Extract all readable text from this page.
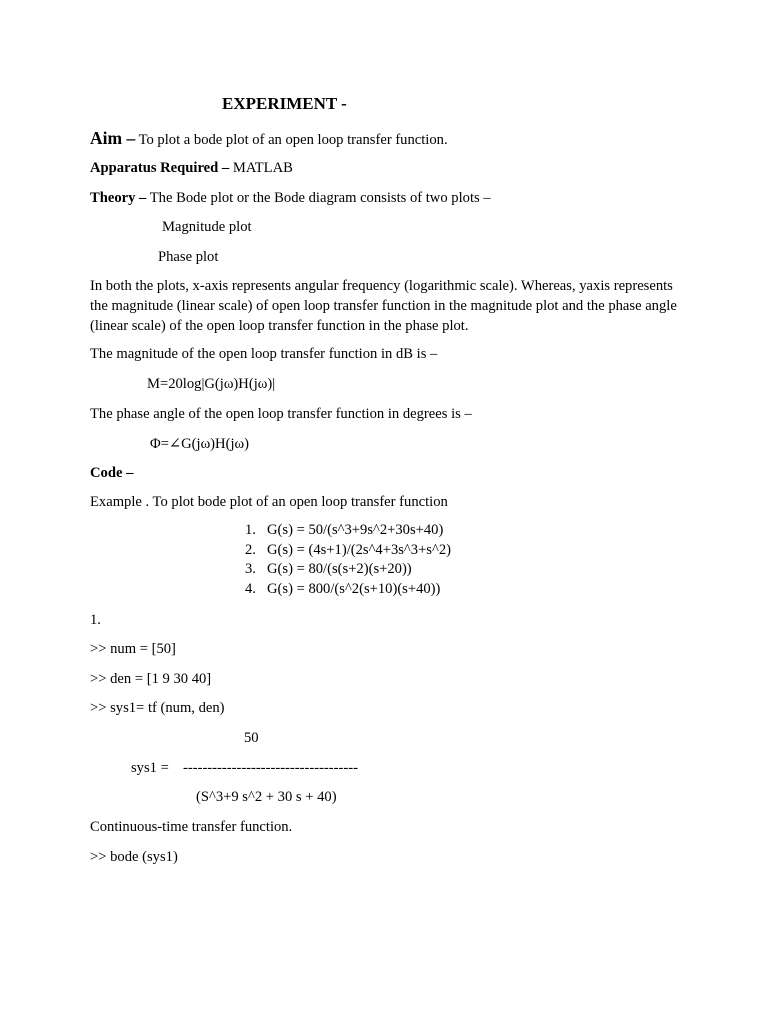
EXPERIMENT -
Aim – To plot a bode plot of an open loop transfer function.
Apparatus Required – MATLAB
Theory – The Bode plot or the Bode diagram consists of two plots –
Magnitude plot
Phase plot
In both the plots, x-axis represents angular frequency (logarithmic scale). Whereas, yaxis represents the magnitude (linear scale) of open loop transfer function in the magnitude plot and the phase angle (linear scale) of the open loop transfer function in the phase plot.
The magnitude of the open loop transfer function in dB is –
M=20log|G(jω)H(jω)|
The phase angle of the open loop transfer function in degrees is –
Φ=∠G(jω)H(jω)
Code –
Example . To plot bode plot of an open loop transfer function
1. G(s) = 50/(s^3+9s^2+30s+40)
2. G(s) = (4s+1)/(2s^4+3s^3+s^2)
3. G(s) = 80/(s(s+2)(s+20))
4. G(s) = 800/(s^2(s+10)(s+40))
1.
>> num = [50]
>> den = [1 9 30 40]
>> sys1= tf (num, den)
50
sys1 = ------------------------------------
(S^3+9 s^2 + 30 s + 40)
Continuous-time transfer function.
>> bode (sys1)
